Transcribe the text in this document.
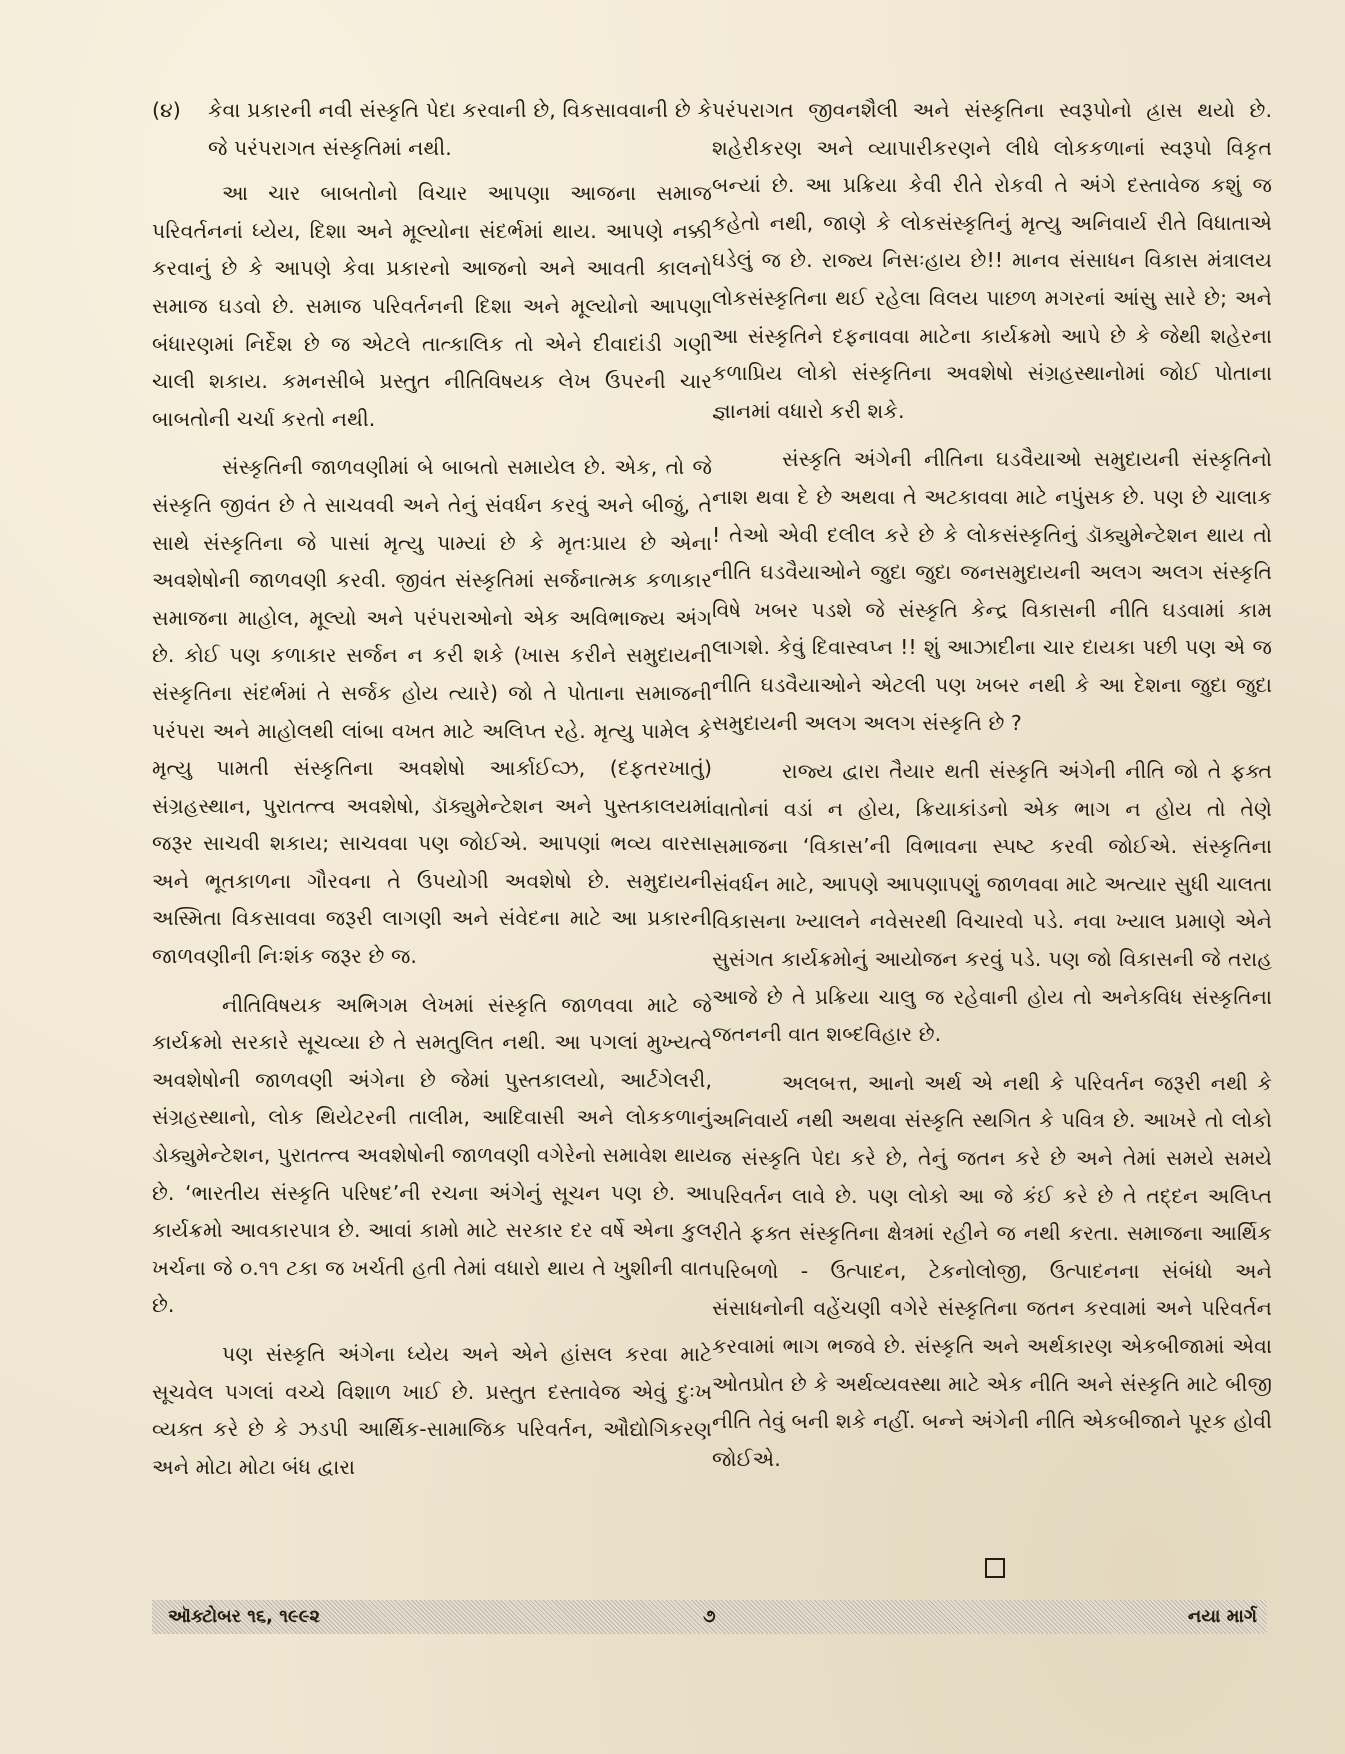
(૪)	કેવા પ્રકારની નવી સંસ્કૃતિ પેદા કરવાની છે, વિકસાવવાની છે કે જે પરંપરાગત સંસ્કૃતિમાં નથી.

આ ચાર બાબતોનો વિચાર આપણા આજના સમાજ પરિવર્તનનાં ધ્યેય, દિશા અને મૂલ્યોના સંદર્ભમાં થાય. આપણે નક્કી કરવાનું છે કે આપણે કેવા પ્રકારનો આજનો અને આવતી કાલનો સમાજ ઘડવો છે. સમાજ પરિવર્તનની દિશા અને મૂલ્યોનો આપણા બંધારણમાં નિર્દેશ છે જ એટલે તાત્કાલિક તો એને દીવાદાંડી ગણી ચાલી શકાય. કમનસીબે પ્રસ્તુત નીતિવિષયક લેખ ઉપરની ચાર બાબતોની ચર્ચા કરતો નથી.

સંસ્કૃતિની જાળવણીમાં બે બાબતો સમાયેલ છે. એક, તો જે સંસ્કૃતિ જીવંત છે તે સાચવવી અને તેનું સંવર્ધન કરવું અને બીજું, તે સાથે સંસ્કૃતિના જે પાસાં મૃત્યુ પામ્યાં છે કે મૃતઃપ્રાય છે એના અવશેષોની જાળવણી કરવી. જીવંત સંસ્કૃતિમાં સર્જનાત્મક કળાકાર સમાજના માહોલ, મૂલ્યો અને પરંપરાઓનો એક અવિભાજ્ય અંગ છે. કોઈ પણ કળાકાર સર્જન ન કરી શકે (ખાસ કરીને સમુદાયની સંસ્કૃતિના સંદર્ભમાં તે સર્જક હોય ત્યારે) જો તે પોતાના સમાજની પરંપરા અને માહોલથી લાંબા વખત માટે અલિપ્ત રહે. મૃત્યુ પામેલ કે મૃત્યુ પામતી સંસ્કૃતિના અવશેષો આર્કાઈવ્ઝ, (દફતરખાતું) સંગ્રહસ્થાન, પુરાતત્ત્વ અવશેષો, ડૉક્યુમેન્ટેશન અને પુસ્તકાલયમાં જરૂર સાચવી શકાય; સાચવવા પણ જોઈએ. આપણાં ભવ્ય વારસા અને ભૂતકાળના ગૌરવના તે ઉપયોગી અવશેષો છે. સમુદાયની અસ્મિતા વિકસાવવા જરૂરી લાગણી અને સંવેદના માટે આ પ્રકારની જાળવણીની નિઃશંક જરૂર છે જ.

નીતિવિષયક અભિગમ લેખમાં સંસ્કૃતિ જાળવવા માટે જે કાર્યક્રમો સરકારે સૂચવ્યા છે તે સમતુલિત નથી. આ પગલાં મુખ્યત્વે અવશેષોની જાળવણી અંગેના છે જેમાં પુસ્તકાલયો, આર્ટગેલરી, સંગ્રહસ્થાનો, લોક થિયેટરની તાલીમ, આદિવાસી અને લોકકળાનું ડોક્યુમેન્ટેશન, પુરાતત્ત્વ અવશેષોની જાળવણી વગેરેનો સમાવેશ થાય છે. ‘ભારતીય સંસ્કૃતિ પરિષદ’ની રચના અંગેનું સૂચન પણ છે. આ કાર્યક્રમો આવકારપાત્ર છે. આવાં કામો માટે સરકાર દર વર્ષે એના કુલ ખર્ચના જે ૦.૧૧ ટકા જ ખર્ચતી હતી તેમાં વધારો થાય તે ખુશીની વાત છે.

પણ સંસ્કૃતિ અંગેના ધ્યેય અને એને હાંસલ કરવા માટે સૂચવેલ પગલાં વચ્ચે વિશાળ ખાઈ છે. પ્રસ્તુત દસ્તાવેજ એવું દુઃખ વ્યક્ત કરે છે કે ઝડપી આર્થિક-સામાજિક પરિવર્તન, ઔદ્યોગિકરણ અને મોટા મોટા બંધ દ્વારા

પરંપરાગત જીવનશૈલી અને સંસ્કૃતિના સ્વરૂપોનો હ્રાસ થયો છે. શહેરીકરણ અને વ્યાપારીકરણને લીધે લોકકળાનાં સ્વરૂપો વિકૃત બન્યાં છે. આ પ્રક્રિયા કેવી રીતે રોકવી તે અંગે દસ્તાવેજ કશું જ કહેતો નથી, જાણે કે લોકસંસ્કૃતિનું મૃત્યુ અનિવાર્ય રીતે વિધાતાએ ઘડેલું જ છે. રાજ્ય નિસઃહાય છે!! માનવ સંસાધન વિકાસ મંત્રાલય લોકસંસ્કૃતિના થઈ રહેલા વિલય પાછળ મગરનાં આંસુ સારે છે; અને આ સંસ્કૃતિને દફનાવવા માટેના કાર્યક્રમો આપે છે કે જેથી શહેરના કળાપ્રિય લોકો સંસ્કૃતિના અવશેષો સંગ્રહસ્થાનોમાં જોઈ પોતાના જ્ઞાનમાં વધારો કરી શકે.

સંસ્કૃતિ અંગેની નીતિના ઘડવૈયાઓ સમુદાયની સંસ્કૃતિનો નાશ થવા દે છે અથવા તે અટકાવવા માટે નપુંસક છે. પણ છે ચાલાક ! તેઓ એવી દલીલ કરે છે કે લોકસંસ્કૃતિનું ડૉક્યુમેન્ટેશન થાય તો નીતિ ઘડવૈયાઓને જુદા જુદા જનસમુદાયની અલગ અલગ સંસ્કૃતિ વિષે ખબર પડશે જે સંસ્કૃતિ કેન્દ્ર વિકાસની નીતિ ઘડવામાં કામ લાગશે. કેવું દિવાસ્વપ્ન !! શું આઝાદીના ચાર દાયકા પછી પણ એ જ નીતિ ઘડવૈયાઓને એટલી પણ ખબર નથી કે આ દેશના જુદા જુદા સમુદાયની અલગ અલગ સંસ્કૃતિ છે ?

રાજ્ય દ્વારા તૈયાર થતી સંસ્કૃતિ અંગેની નીતિ જો તે ફક્ત વાતોનાં વડાં ન હોય, ક્રિયાકાંડનો એક ભાગ ન હોય તો તેણે સમાજના ‘વિકાસ’ની વિભાવના સ્પષ્ટ કરવી જોઈએ. સંસ્કૃતિના સંવર્ધન માટે, આપણે આપણાપણું જાળવવા માટે અત્યાર સુધી ચાલતા વિકાસના ખ્યાલને નવેસરથી વિચારવો પડે. નવા ખ્યાલ પ્રમાણે એને સુસંગત કાર્યક્રમોનું આયોજન કરવું પડે. પણ જો વિકાસની જે તરાહ આજે છે તે પ્રક્રિયા ચાલુ જ રહેવાની હોય તો અનેકવિધ સંસ્કૃતિના જતનની વાત શબ્દવિહાર છે.

અલબત્ત, આનો અર્થ એ નથી કે પરિવર્તન જરૂરી નથી કે અનિવાર્ય નથી અથવા સંસ્કૃતિ સ્થગિત કે પવિત્ર છે. આખરે તો લોકો જ સંસ્કૃતિ પેદા કરે છે, તેનું જતન કરે છે અને તેમાં સમયે સમયે પરિવર્તન લાવે છે. પણ લોકો આ જે કંઈ કરે છે તે તદ્દન અલિપ્ત રીતે ફક્ત સંસ્કૃતિના ક્ષેત્રમાં રહીને જ નથી કરતા. સમાજના આર્થિક પરિબળો - ઉત્પાદન, ટેકનોલોજી, ઉત્પાદનના સંબંધો અને સંસાધનોની વહેંચણી વગેરે સંસ્કૃતિના જતન કરવામાં અને પરિવર્તન કરવામાં ભાગ ભજવે છે. સંસ્કૃતિ અને અર્થકારણ એકબીજામાં એવા ઓતપ્રોત છે કે અર્થવ્યવસ્થા માટે એક નીતિ અને સંસ્કૃતિ માટે બીજી નીતિ તેવું બની શકે નહીં. બન્ને અંગેની નીતિ એકબીજાને પૂરક હોવી જોઈએ.

ઑક્ટોબર ૧૬, ૧૯૯૨	૭	નયા માર્ગ
